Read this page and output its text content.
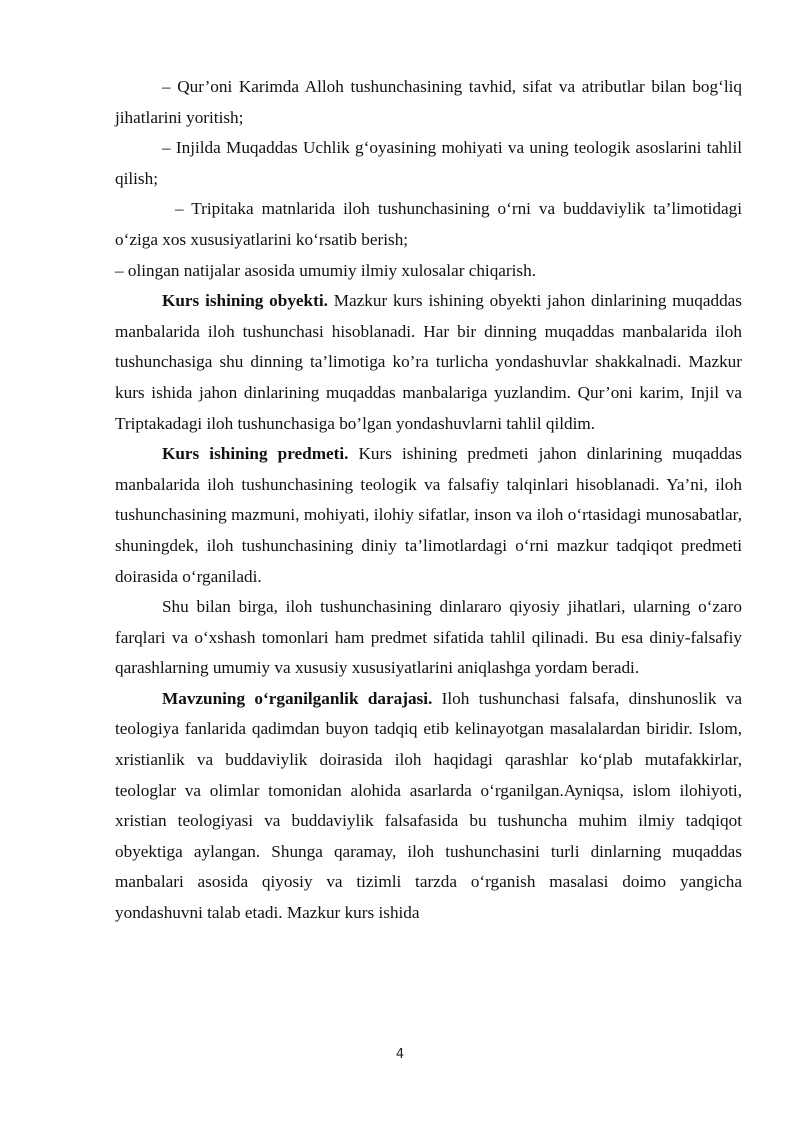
– Qur’oni Karimda Alloh tushunchasining tavhid, sifat va atributlar bilan bog‘liq jihatlarini yoritish;

– Injilda Muqaddas Uchlik g‘oyasining mohiyati va uning teologik asoslarini tahlil qilish;

– Tripitaka matnlarida iloh tushunchasining o‘rni va buddaviylik ta’limotidagi o‘ziga xos xususiyatlarini ko‘rsatib berish;

– olingan natijalar asosida umumiy ilmiy xulosalar chiqarish.

Kurs ishining obyekti. Mazkur kurs ishining obyekti jahon dinlarining muqaddas manbalarida iloh tushunchasi hisoblanadi. Har bir dinning muqaddas manbalarida iloh tushunchasiga shu dinning ta’limotiga ko’ra turlicha yondashuvlar shakkalnadi. Mazkur kurs ishida jahon dinlarining muqaddas manbalariga yuzlandim. Qur’oni karim, Injil va Triptakadagi iloh tushunchasiga bo’lgan yondashuvlarni tahlil qildim.

Kurs ishining predmeti. Kurs ishining predmeti jahon dinlarining muqaddas manbalarida iloh tushunchasining teologik va falsafiy talqinlari hisoblanadi. Ya’ni, iloh tushunchasining mazmuni, mohiyati, ilohiy sifatlar, inson va iloh o‘rtasidagi munosabatlar, shuningdek, iloh tushunchasining diniy ta’limotlardagi o‘rni mazkur tadqiqot predmeti doirasida o‘rganiladi.

Shu bilan birga, iloh tushunchasining dinlararo qiyosiy jihatlari, ularning o‘zaro farqlari va o‘xshash tomonlari ham predmet sifatida tahlil qilinadi. Bu esa diniy-falsafiy qarashlarning umumiy va xususiy xususiyatlarini aniqlashga yordam beradi.

Mavzuning o‘rganilganlik darajasi. Iloh tushunchasi falsafa, dinshunoslik va teologiya fanlarida qadimdan buyon tadqiq etib kelinayotgan masalalardan biridir. Islom, xristianlik va buddaviylik doirasida iloh haqidagi qarashlar ko‘plab mutafakkirlar, teologlar va olimlar tomonidan alohida asarlarda o‘rganilgan.Ayniqsa, islom ilohiyoti, xristian teologiyasi va buddaviylik falsafasida bu tushuncha muhim ilmiy tadqiqot obyektiga aylangan. Shunga qaramay, iloh tushunchasini turli dinlarning muqaddas manbalari asosida qiyosiy va tizimli tarzda o‘rganish masalasi doimo yangicha yondashuvni talab etadi. Mazkur kurs ishida

4
